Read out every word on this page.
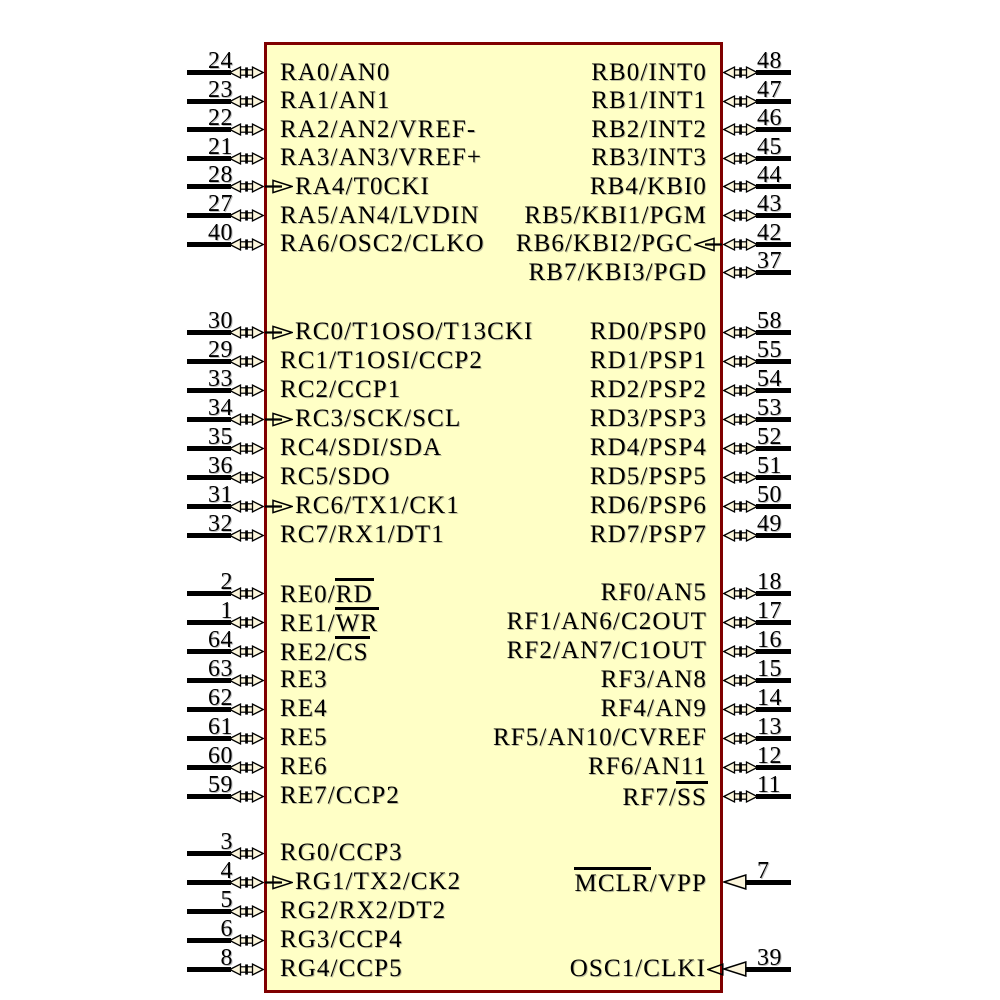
24 RA0/AN0
23 RA1/AN1
22 RA2/AN2/VREF-
21 RA3/AN3/VREF+
28 RA4/T0CKI
27 RA5/AN4/LVDIN
40 RA6/OSC2/CLKO
30 RC0/T1OSO/T13CKI
29 RC1/T1OSI/CCP2
33 RC2/CCP1
34 RC3/SCK/SCL
35 RC4/SDI/SDA
36 RC5/SDO
31 RC6/TX1/CK1
32 RC7/RX1/DT1
2 RE0/RD
1 RE1/WR
64 RE2/CS
63 RE3
62 RE4
61 RE5
60 RE6
59 RE7/CCP2
3 RG0/CCP3
4 RG1/TX2/CK2
5 RG2/RX2/DT2
6 RG3/CCP4
8 RG4/CCP5
48
RB0/INT0
47
RB1/INT1
46
RB2/INT2
45
RB3/INT3
44
RB4/KBI0
43
RB5/KBI1/PGM
42
RB6/KBI2/PGC
37
RB7/KBI3/PGD
58
RD0/PSP0
55
RD1/PSP1
54
RD2/PSP2
53
RD3/PSP3
52
RD4/PSP4
51
RD5/PSP5
50
RD6/PSP6
49
RD7/PSP7
18
RF0/AN5
17
RF1/AN6/C2OUT
16
RF2/AN7/C1OUT
15
RF3/AN8
14
RF4/AN9
13
RF5/AN10/CVREF
12
RF6/AN11
11
RF7/SS
7
MCLR/VPP
39
OSC1/CLKI
